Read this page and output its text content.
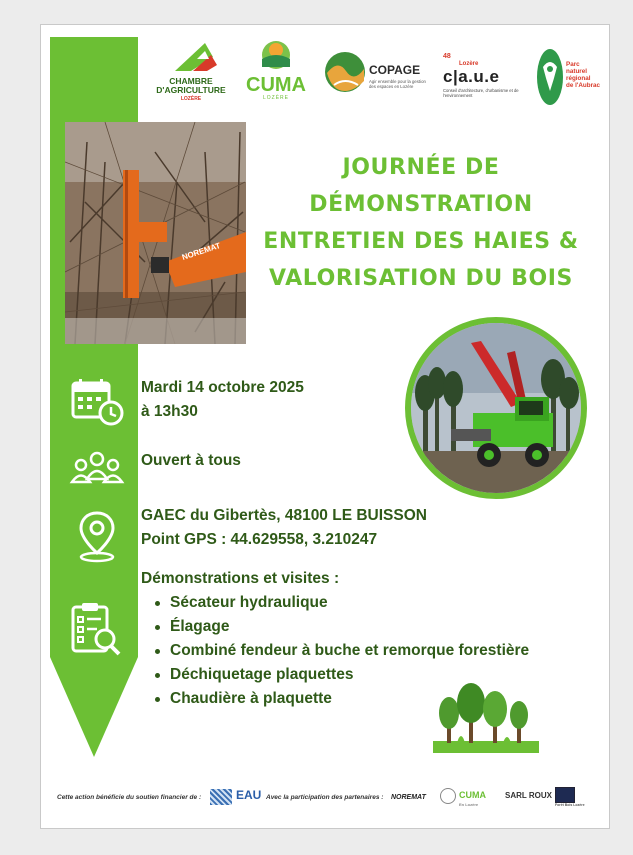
CHAMBRE
D'AGRICULTURE
LOZÈRE
CUMA
LOZÈRE
COPAGE
Agir ensemble pour la gestion des espaces en Lozère
48
Lozère
c|a.u.e
Conseil d'architecture, d'urbanisme et de l'environnement
Parc
naturel
régional
de l'Aubrac
NOREMAT
JOURNÉE DE
DÉMONSTRATION
ENTRETIEN DES HAIES &
VALORISATION DU BOIS
Mardi 14 octobre 2025
à 13h30
Ouvert à tous
GAEC du Gibertès, 48100 LE BUISSON
Point GPS : 44.629558, 3.210247
Démonstrations et visites :
Sécateur hydraulique
Élagage
Combiné fendeur à buche et remorque forestière
Déchiquetage plaquettes
Chaudière à plaquette
Cette action bénéficie du soutien financier de :	EAU Avec la participation des partenaires : NOREMAT	CUMA SARL ROUX
En Lozère	Forêt Bois Lozère
